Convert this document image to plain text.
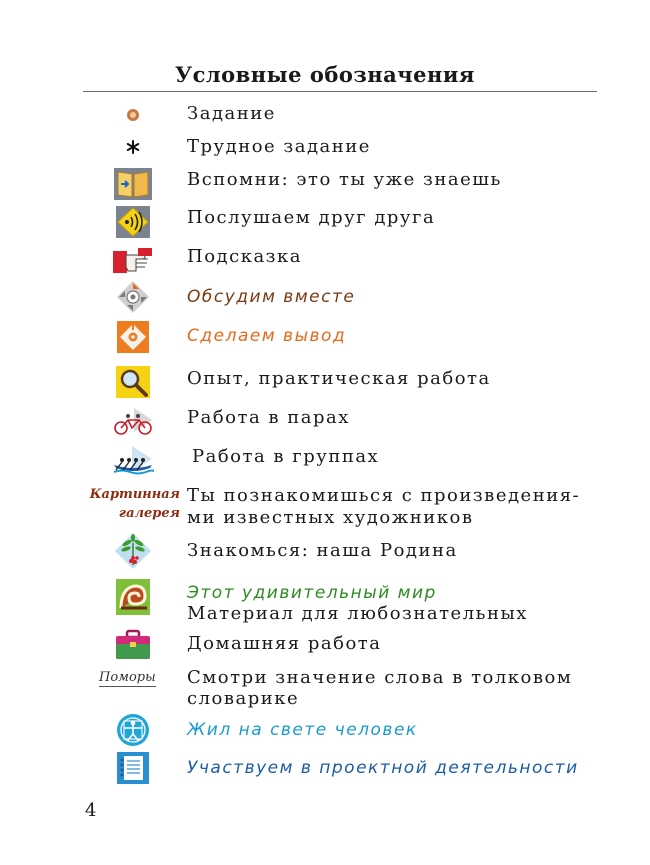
Условные обозначения
Задание
Трудное задание
Вспомни: это ты уже знаешь
Послушаем друг друга
Подсказка
Обсудим вместе
Сделаем вывод
Опыт, практическая работа
Работа в парах
Работа в группах
Картинная
галерея
Ты познакомишься с произведения-
ми известных художников
Знакомься: наша Родина
Этот удивительный мир
Материал для любознательных
Домашняя работа
Поморы Смотри значение слова в толковом
словарике
Жил на свете человек
Участвуем в проектной деятельности
4
